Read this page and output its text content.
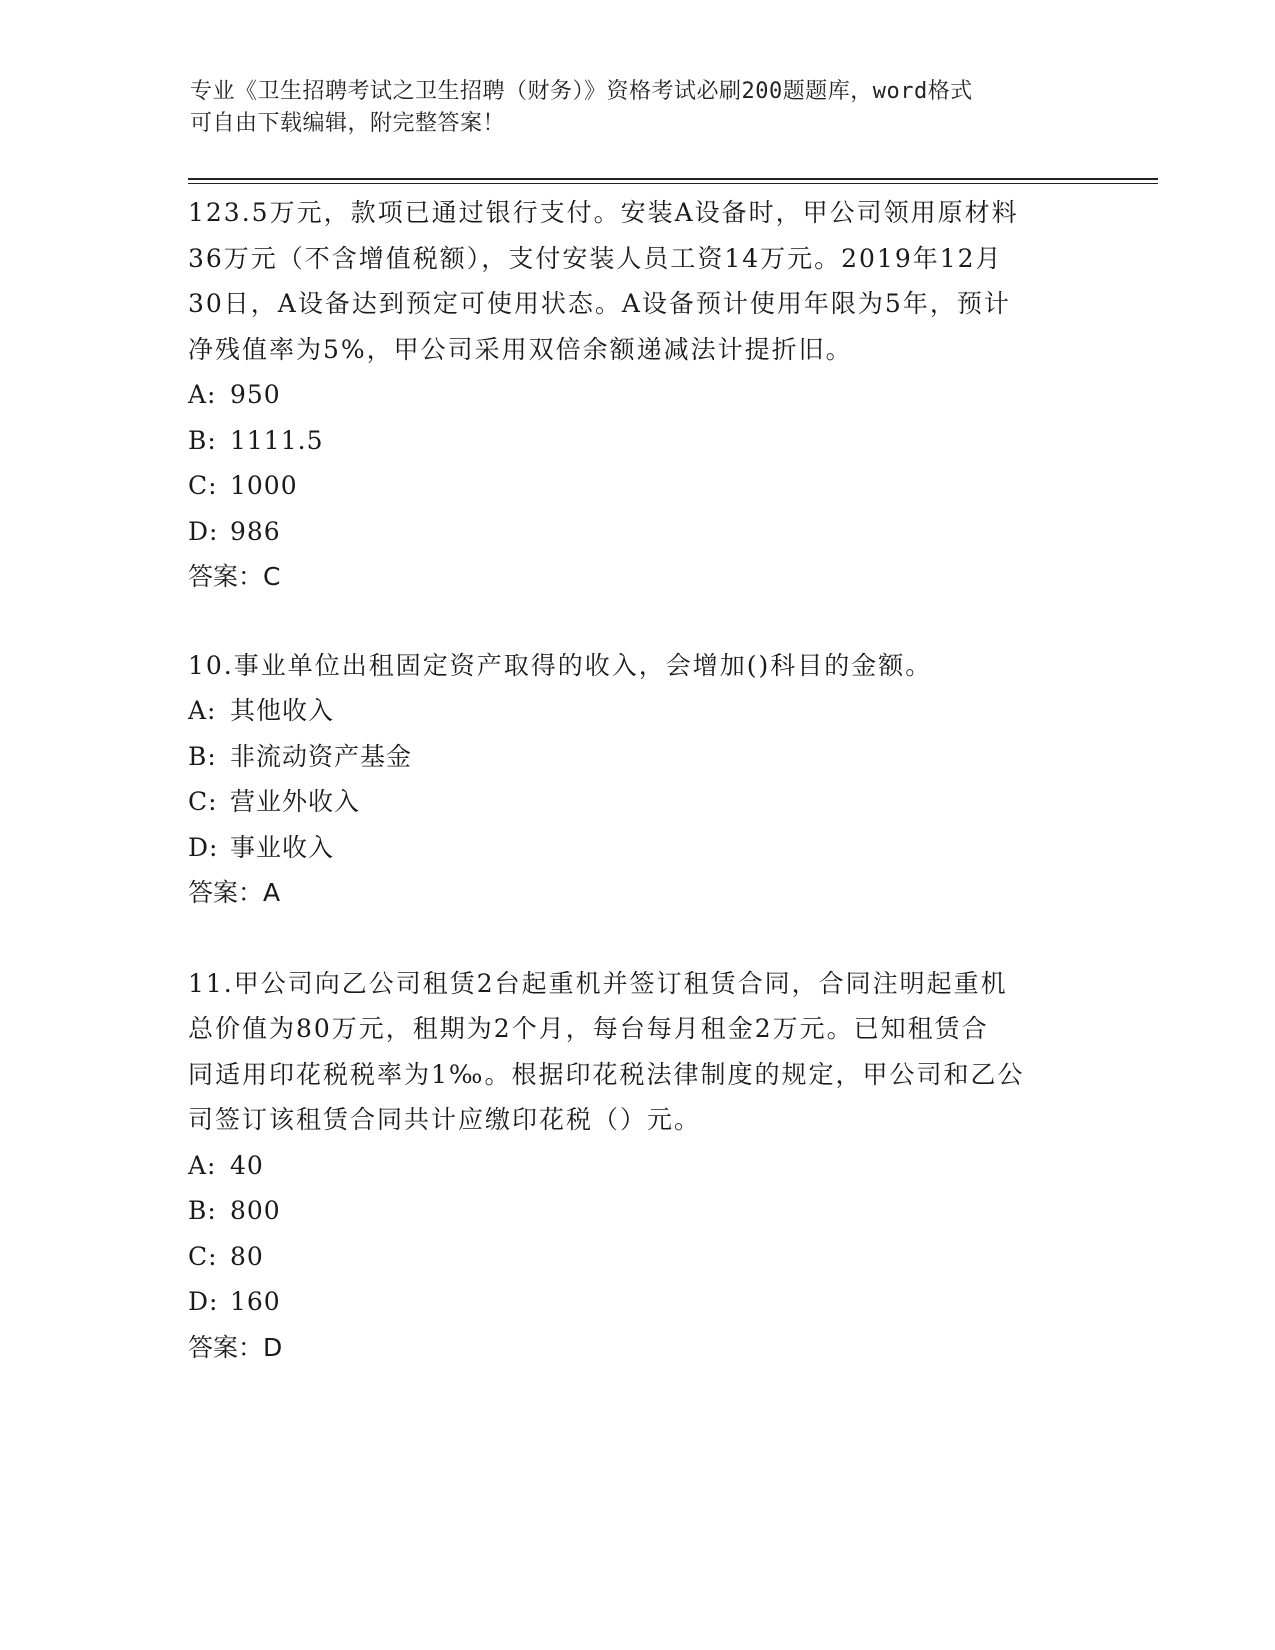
专业《卫生招聘考试之卫生招聘（财务）》资格考试必刷200题题库，word格式
可自由下载编辑，附完整答案！
123.5万元，款项已通过银行支付。安装A设备时，甲公司领用原材料
36万元（不含增值税额），支付安装人员工资14万元。2019年12月
30日，A设备达到预定可使用状态。A设备预计使用年限为5年，预计
净残值率为5%，甲公司采用双倍余额递减法计提折旧。
A: 950
B: 1111.5
C: 1000
D: 986
答案：C
10.事业单位出租固定资产取得的收入，会增加()科目的金额。
A: 其他收入
B: 非流动资产基金
C: 营业外收入
D: 事业收入
答案：A
11.甲公司向乙公司租赁2台起重机并签订租赁合同，合同注明起重机
总价值为80万元，租期为2个月，每台每月租金2万元。已知租赁合
同适用印花税税率为1‰。根据印花税法律制度的规定，甲公司和乙公
司签订该租赁合同共计应缴印花税（）元。
A: 40
B: 800
C: 80
D: 160
答案：D
